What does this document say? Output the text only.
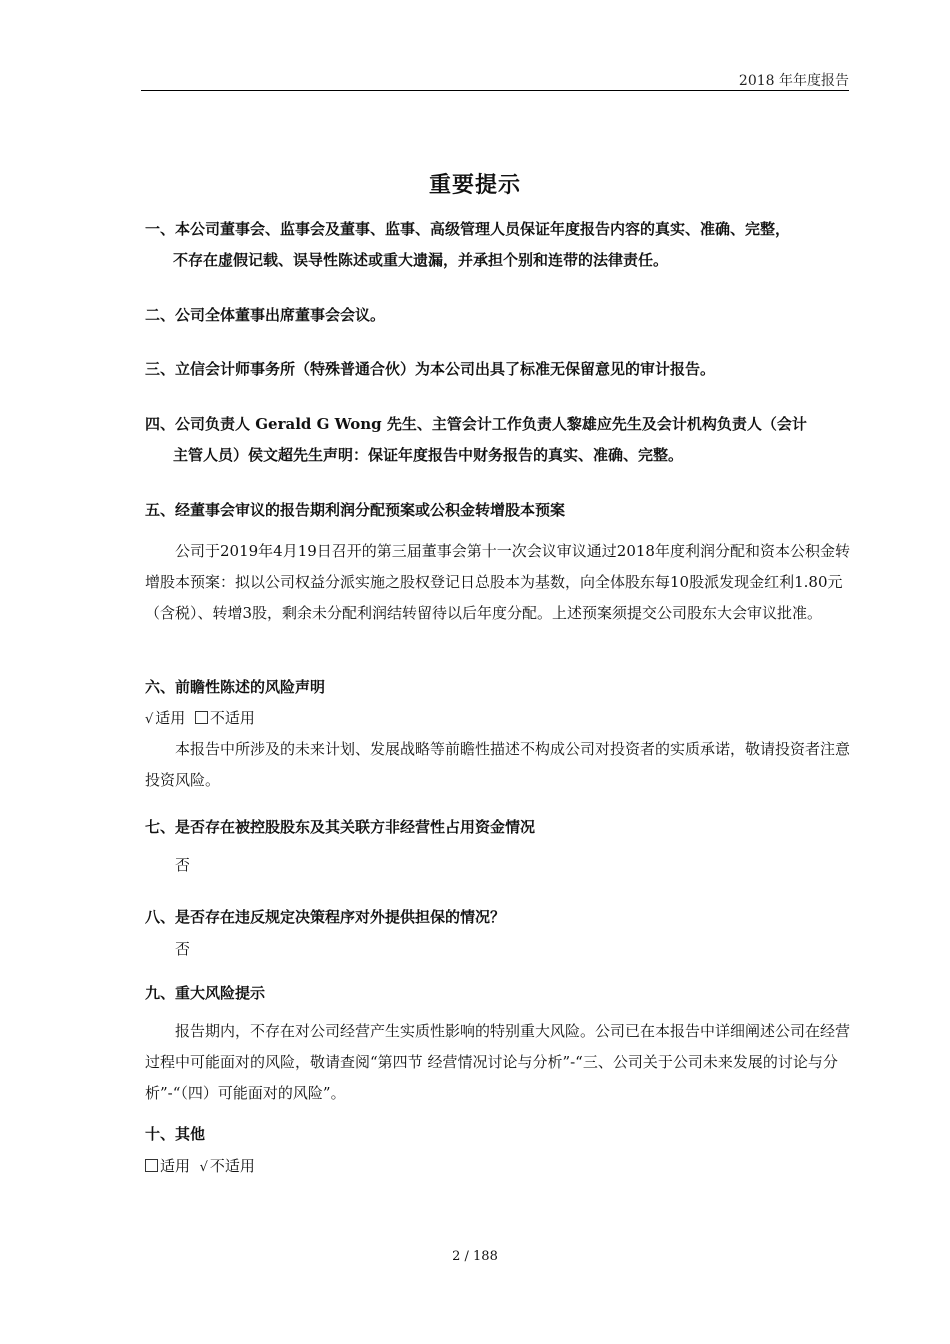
2018 年年度报告
重要提示
一、本公司董事会、监事会及董事、监事、高级管理人员保证年度报告内容的真实、准确、完整，
不存在虚假记载、误导性陈述或重大遗漏，并承担个别和连带的法律责任。
二、公司全体董事出席董事会会议。
三、立信会计师事务所（特殊普通合伙）为本公司出具了标准无保留意见的审计报告。
四、公司负责人 Gerald G Wong 先生、主管会计工作负责人黎雄应先生及会计机构负责人（会计
主管人员）侯文超先生声明：保证年度报告中财务报告的真实、准确、完整。
五、经董事会审议的报告期利润分配预案或公积金转增股本预案
公司于2019年4月19日召开的第三届董事会第十一次会议审议通过2018年度利润分配和资本公积金转增股本预案：拟以公司权益分派实施之股权登记日总股本为基数，向全体股东每10股派发现金红利1.80元（含税）、转增3股，剩余未分配利润结转留待以后年度分配。上述预案须提交公司股东大会审议批准。
六、前瞻性陈述的风险声明
√ 适用 不适用
本报告中所涉及的未来计划、发展战略等前瞻性描述不构成公司对投资者的实质承诺，敬请投资者注意投资风险。
七、是否存在被控股股东及其关联方非经营性占用资金情况
否
八、是否存在违反规定决策程序对外提供担保的情况？
否
九、重大风险提示
报告期内，不存在对公司经营产生实质性影响的特别重大风险。公司已在本报告中详细阐述公司在经营过程中可能面对的风险，敬请查阅“第四节 经营情况讨论与分析”-“三、公司关于公司未来发展的讨论与分析”-“（四）可能面对的风险”。
十、其他
适用 √ 不适用
2 / 188
